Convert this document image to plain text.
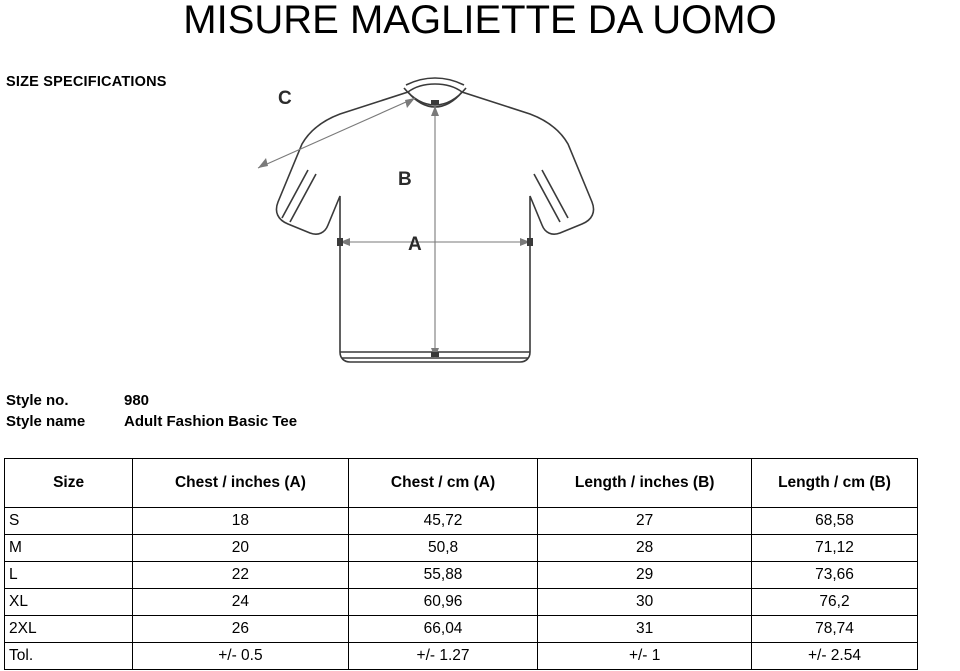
MISURE MAGLIETTE DA UOMO
SIZE SPECIFICATIONS
A
B
C
Style no.	980
Style name	Adult Fashion Basic Tee
Size	Chest / inches (A)	Chest / cm (A)	Length / inches (B)	Length / cm (B)
S	18	45,72	27	68,58
M	20	50,8	28	71,12
L	22	55,88	29	73,66
XL	24	60,96	30	76,2
2XL	26	66,04	31	78,74
Tol.	+/- 0.5	+/- 1.27	+/- 1	+/- 2.54
